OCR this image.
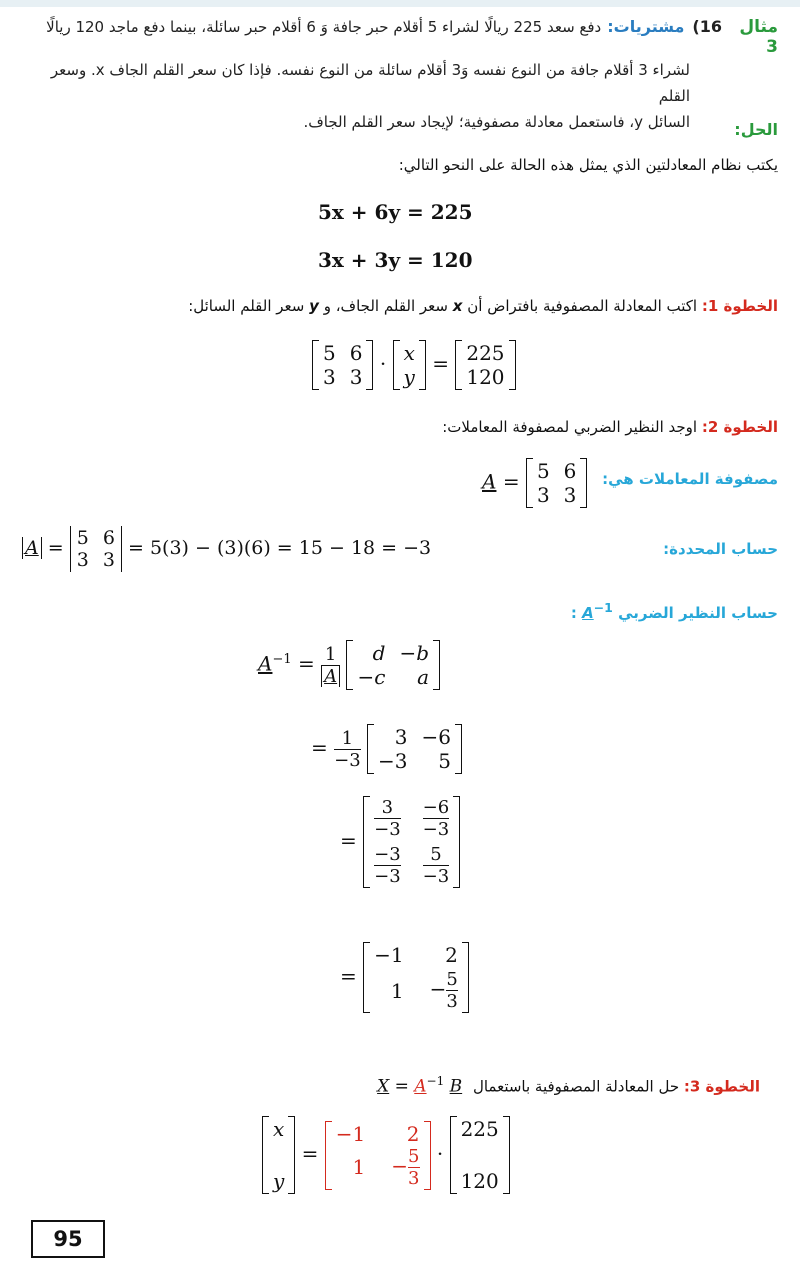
مثال 3
16)
مشتريات:
دفع سعد 225 ريالًا لشراء 5 أقلام حبر جافة وَ 6 أقلام حبر سائلة، بينما دفع ماجد 120 ريالًا
لشراء 3 أقلام جافة من النوع نفسه وَ3 أقلام سائلة من النوع نفسه. فإذا كان سعر القلم الجاف x. وسعر القلم
السائل y، فاستعمل معادلة مصفوفية؛ لإيجاد سعر القلم الجاف.	الحل:
يكتب نظام المعادلتين الذي يمثل هذه الحالة على النحو التالي:
5x + 6y = 225
3x + 3y = 120
الخطوة 1: اكتب المعادلة المصفوفية بافتراض أن x سعر القلم الجاف، و y سعر القلم السائل:
5 6
3 3
· x
y
= 225
120
الخطوة 2: اوجد النظير الضربي لمصفوفة المعاملات:
مصفوفة المعاملات هي:
A = 5 6
3 3
حساب المحددة:
A = 5 6
3 3
= 5(3) − (3)(6) = 15 − 18 = −3
حساب النظير الضربي $A^{-1}$ :
$A^{-1} = \frac{1}{A}$
	d −b
−c	a
= $\frac{1}{-3}$
	3 −6
−3	5
=
$\frac{3}{-3} \frac{-6}{-3}$
$\frac{-3}{-3} \frac{5}{-3}$
=
−1	2
$1 - \frac{5}{3}$
الخطوة 3: حل المعادلة المصفوفية باستعمال $X = A^{-1}$ B
x
y
=
−1	2
$1 - \frac{5}{3}$ ·
225
120
95
